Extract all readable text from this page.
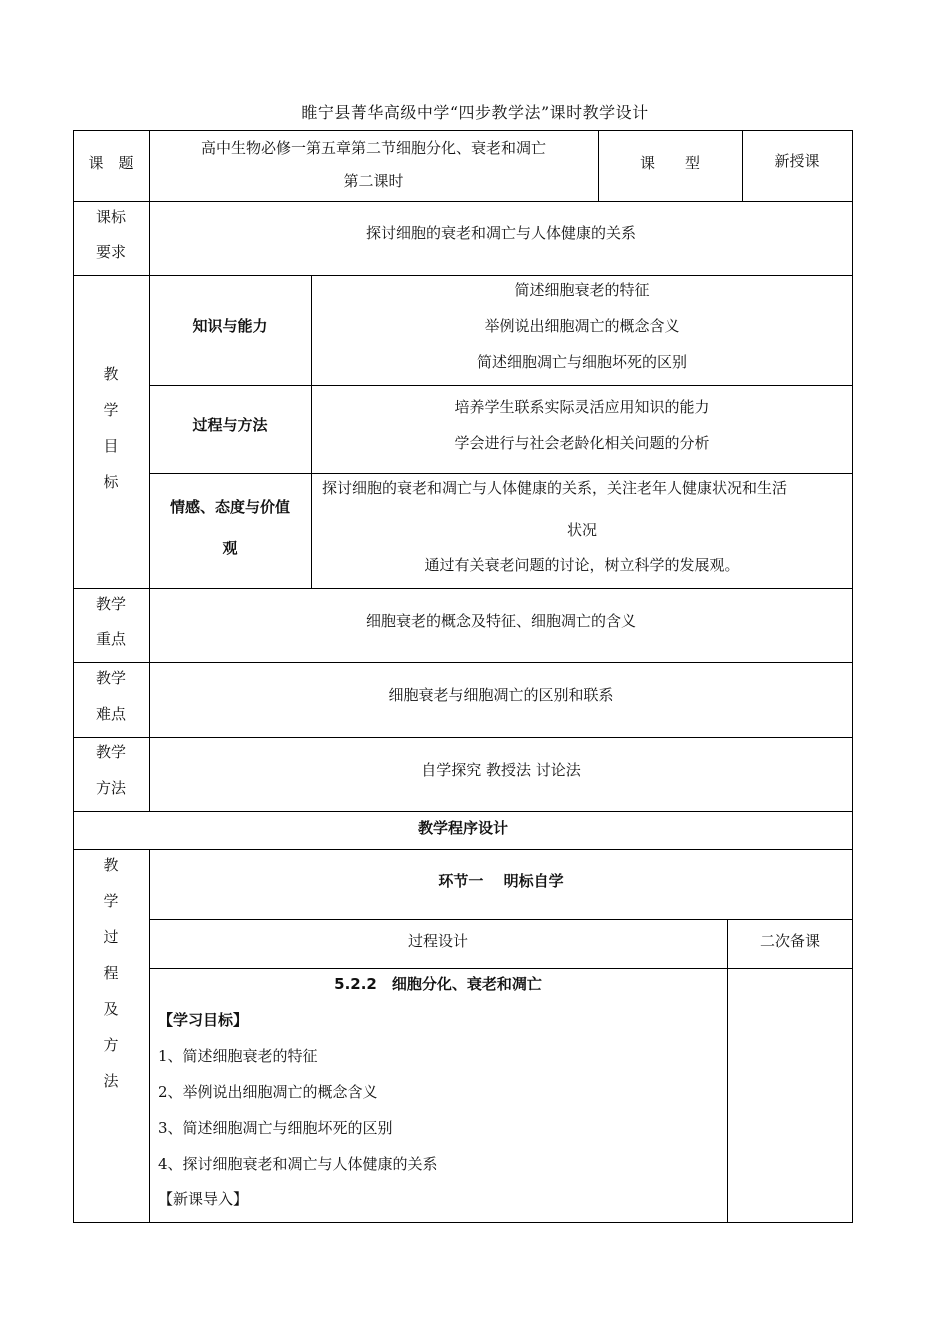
睢宁县菁华高级中学“四步教学法”课时教学设计
课　题
高中生物必修一第五章第二节细胞分化、衰老和凋亡
第二课时
课　　型	新授课
课标
要求
探讨细胞的衰老和凋亡与人体健康的关系
教
学
目
标
知识与能力
简述细胞衰老的特征
举例说出细胞凋亡的概念含义
简述细胞凋亡与细胞坏死的区别
过程与方法
培养学生联系实际灵活应用知识的能力
学会进行与社会老龄化相关问题的分析
情感、态度与价值
观
探讨细胞的衰老和凋亡与人体健康的关系，关注老年人健康状况和生活
状况
通过有关衰老问题的讨论，树立科学的发展观。
教学
重点
细胞衰老的概念及特征、细胞凋亡的含义
教学
难点
细胞衰老与细胞凋亡的区别和联系
教学
方法
自学探究 教授法 讨论法
教学程序设计
教
学
过
程
及
方
法
环节一　 明标自学
过程设计	二次备课
5.2.2　细胞分化、衰老和凋亡
【学习目标】
1、简述细胞衰老的特征
2、举例说出细胞凋亡的概念含义
3、简述细胞凋亡与细胞坏死的区别
4、探讨细胞衰老和凋亡与人体健康的关系
【新课导入】
